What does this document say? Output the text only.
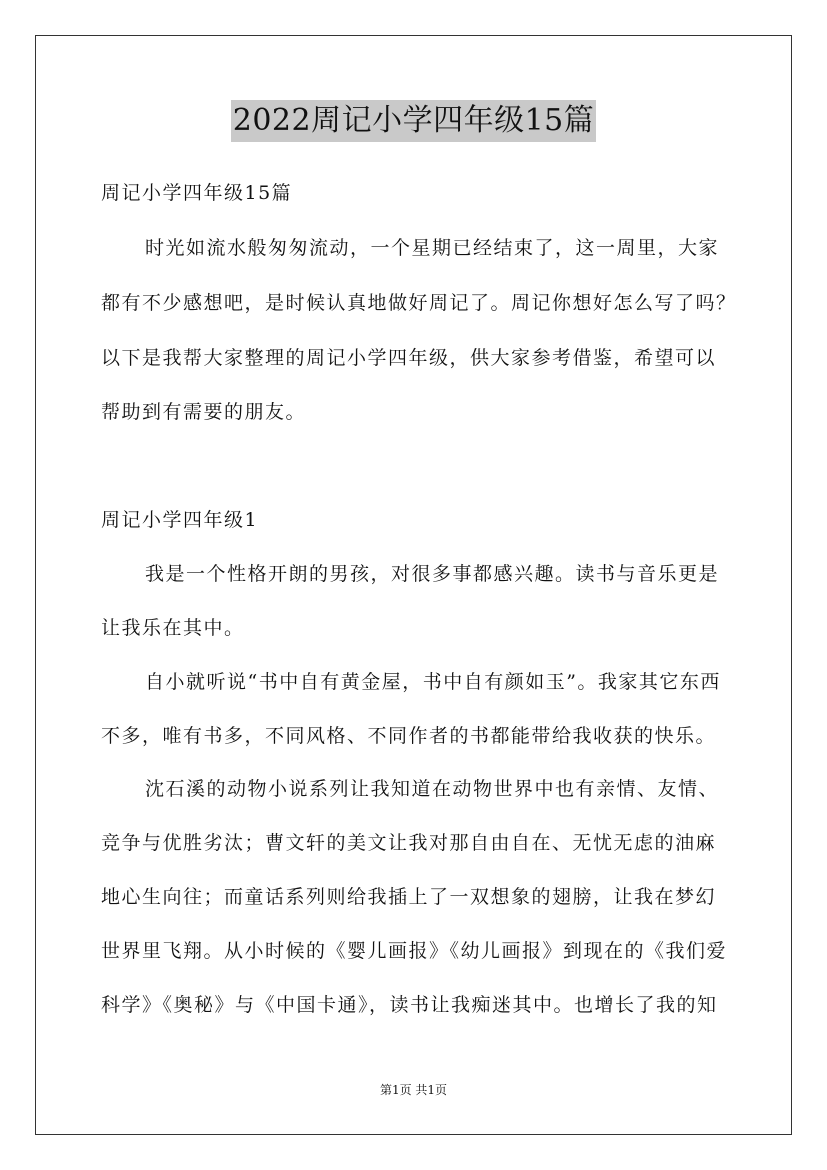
2022周记小学四年级15篇
周记小学四年级15篇
时光如流水般匆匆流动，一个星期已经结束了，这一周里，大家
都有不少感想吧，是时候认真地做好周记了。周记你想好怎么写了吗？
以下是我帮大家整理的周记小学四年级，供大家参考借鉴，希望可以
帮助到有需要的朋友。
周记小学四年级1
我是一个性格开朗的男孩，对很多事都感兴趣。读书与音乐更是
让我乐在其中。
自小就听说“书中自有黄金屋，书中自有颜如玉”。我家其它东西
不多，唯有书多，不同风格、不同作者的书都能带给我收获的快乐。
沈石溪的动物小说系列让我知道在动物世界中也有亲情、友情、
竞争与优胜劣汰；曹文轩的美文让我对那自由自在、无忧无虑的油麻
地心生向往；而童话系列则给我插上了一双想象的翅膀，让我在梦幻
世界里飞翔。从小时候的《婴儿画报》《幼儿画报》到现在的《我们爱
科学》《奥秘》与《中国卡通》，读书让我痴迷其中。也增长了我的知
第1页 共1页
